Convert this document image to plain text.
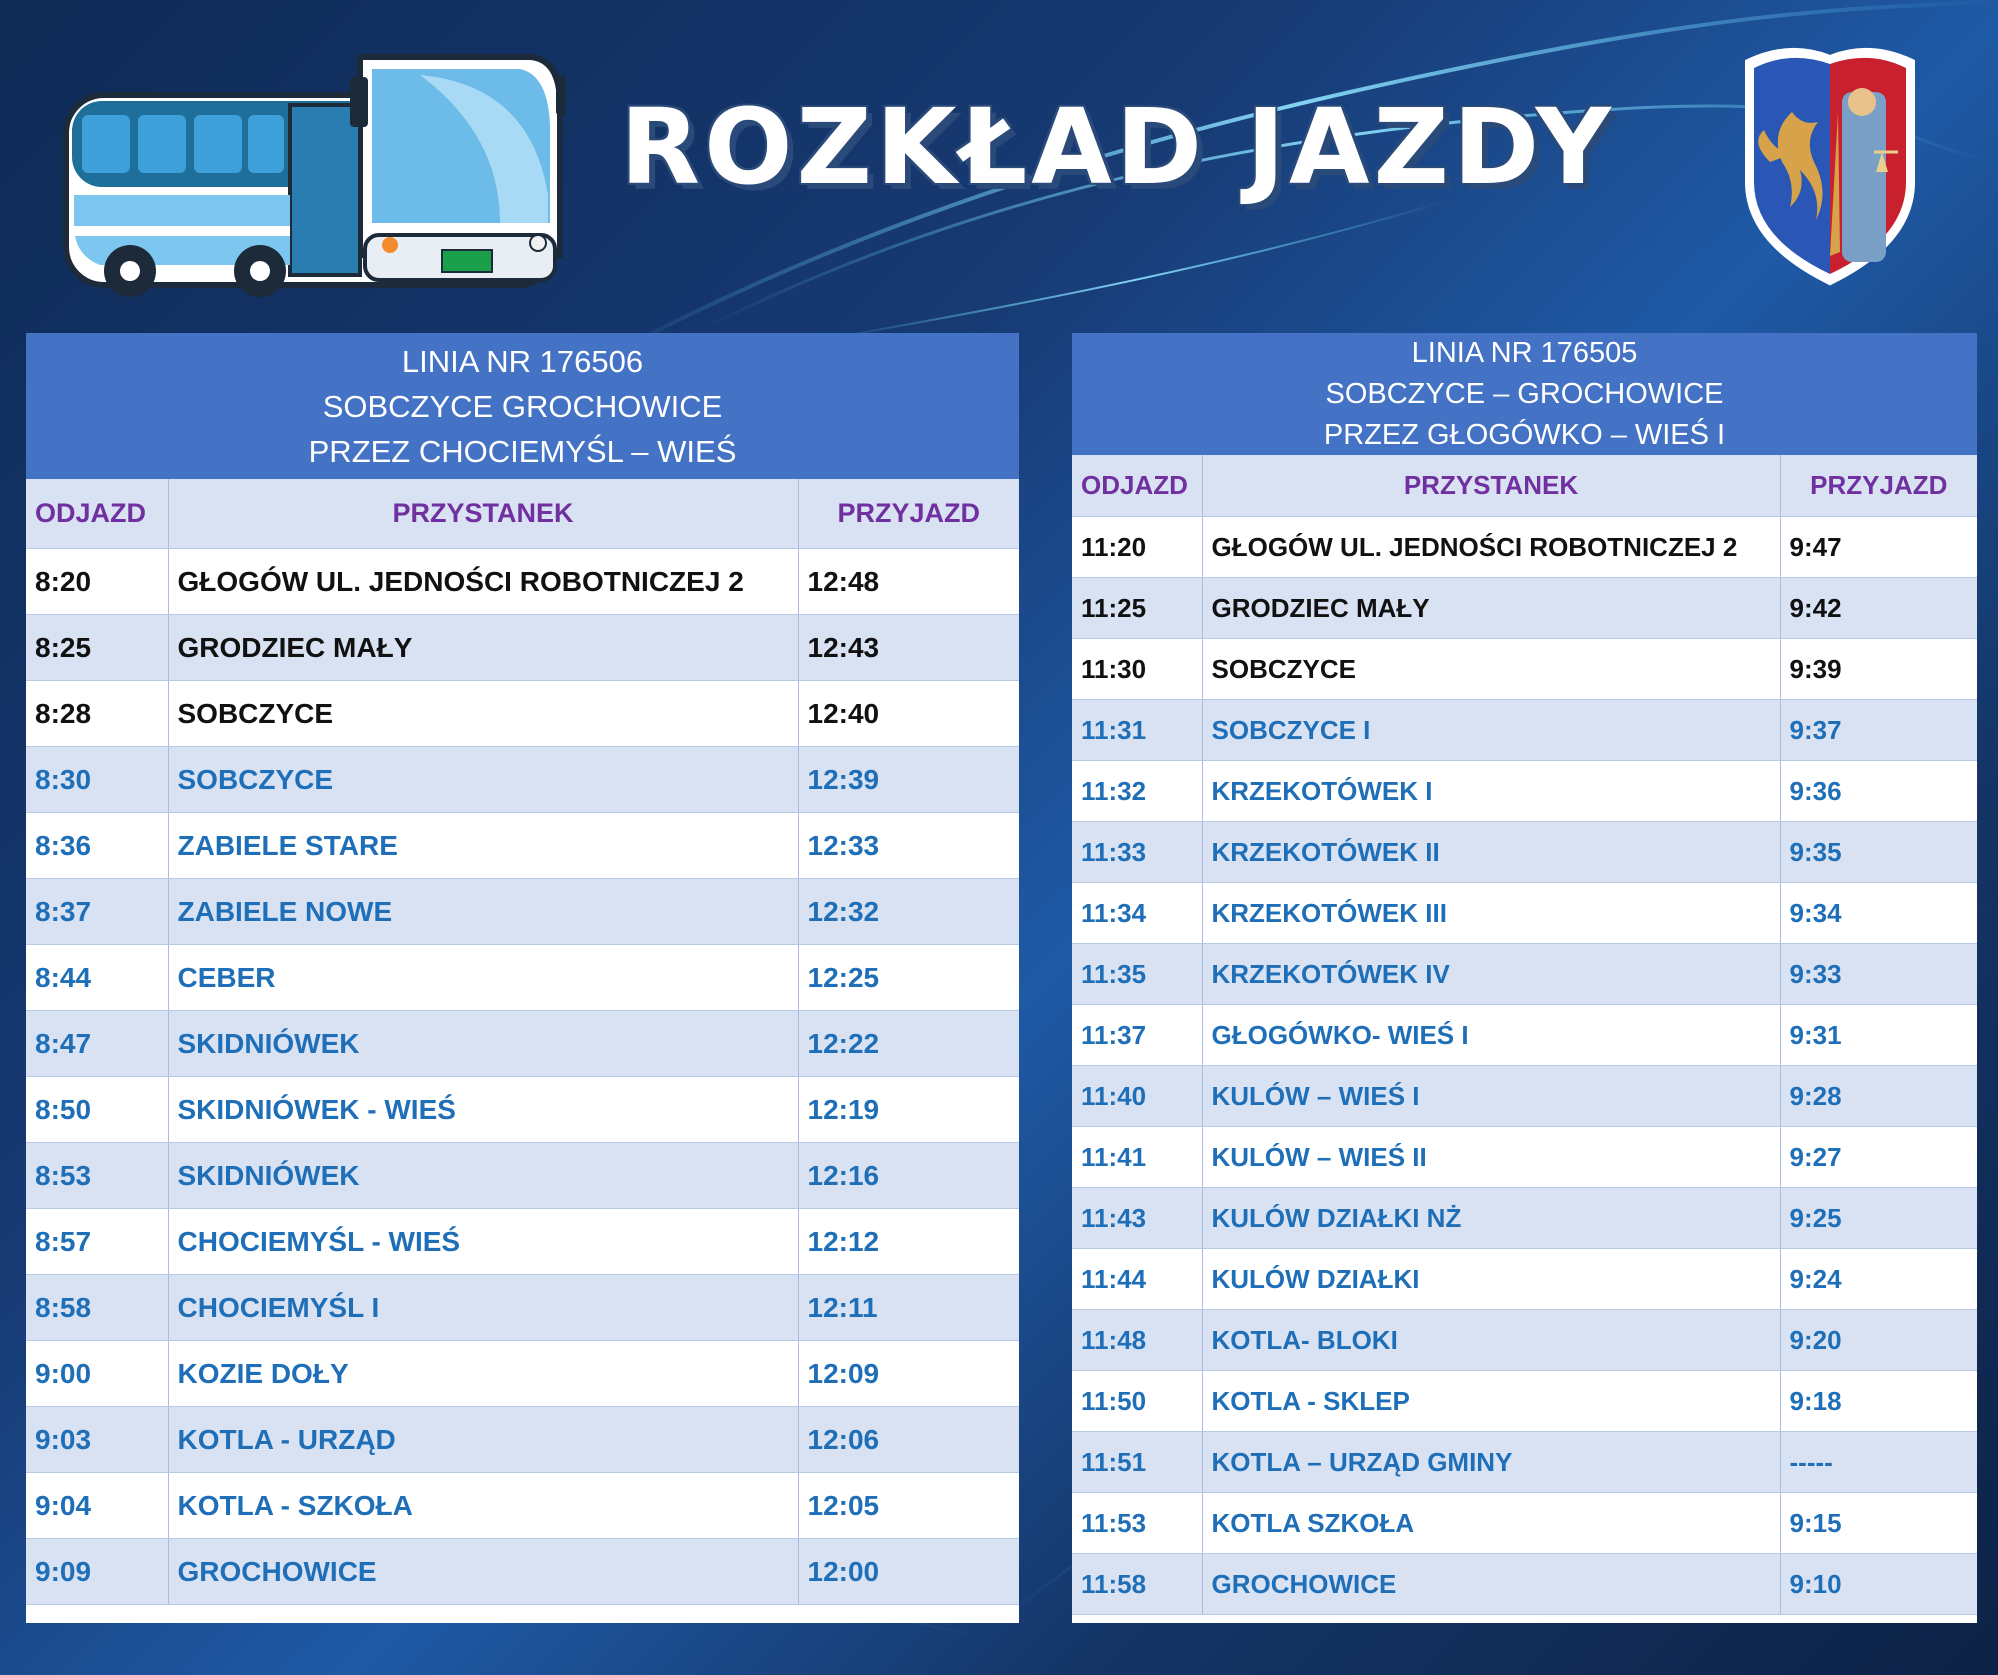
ROZKŁAD JAZDY
LINIA NR 176506
SOBCZYCE GROCHOWICE
PRZEZ CHOCIEMYŚL – WIEŚ
ODJAZD	PRZYSTANEK	PRZYJAZD
8:20	GŁOGÓW UL. JEDNOŚCI ROBOTNICZEJ 2	12:48
8:25	GRODZIEC MAŁY	12:43
8:28	SOBCZYCE	12:40
8:30	SOBCZYCE	12:39
8:36	ZABIELE STARE	12:33
8:37	ZABIELE NOWE	12:32
8:44	CEBER	12:25
8:47	SKIDNIÓWEK	12:22
8:50	SKIDNIÓWEK - WIEŚ	12:19
8:53	SKIDNIÓWEK	12:16
8:57	CHOCIEMYŚL - WIEŚ	12:12
8:58	CHOCIEMYŚL I	12:11
9:00	KOZIE DOŁY	12:09
9:03	KOTLA - URZĄD	12:06
9:04	KOTLA - SZKOŁA	12:05
9:09	GROCHOWICE	12:00
LINIA NR 176505
SOBCZYCE – GROCHOWICE
PRZEZ GŁOGÓWKO – WIEŚ I
ODJAZD	PRZYSTANEK	PRZYJAZD
11:20	GŁOGÓW UL. JEDNOŚCI ROBOTNICZEJ 2	9:47
11:25	GRODZIEC MAŁY	9:42
11:30	SOBCZYCE	9:39
11:31	SOBCZYCE I	9:37
11:32	KRZEKOTÓWEK I	9:36
11:33	KRZEKOTÓWEK II	9:35
11:34	KRZEKOTÓWEK III	9:34
11:35	KRZEKOTÓWEK IV	9:33
11:37	GŁOGÓWKO- WIEŚ I	9:31
11:40	KULÓW – WIEŚ I	9:28
11:41	KULÓW – WIEŚ II	9:27
11:43	KULÓW DZIAŁKI NŻ	9:25
11:44	KULÓW DZIAŁKI	9:24
11:48	KOTLA- BLOKI	9:20
11:50	KOTLA - SKLEP	9:18
11:51	KOTLA – URZĄD GMINY	-----
11:53	KOTLA SZKOŁA	9:15
11:58	GROCHOWICE	9:10
